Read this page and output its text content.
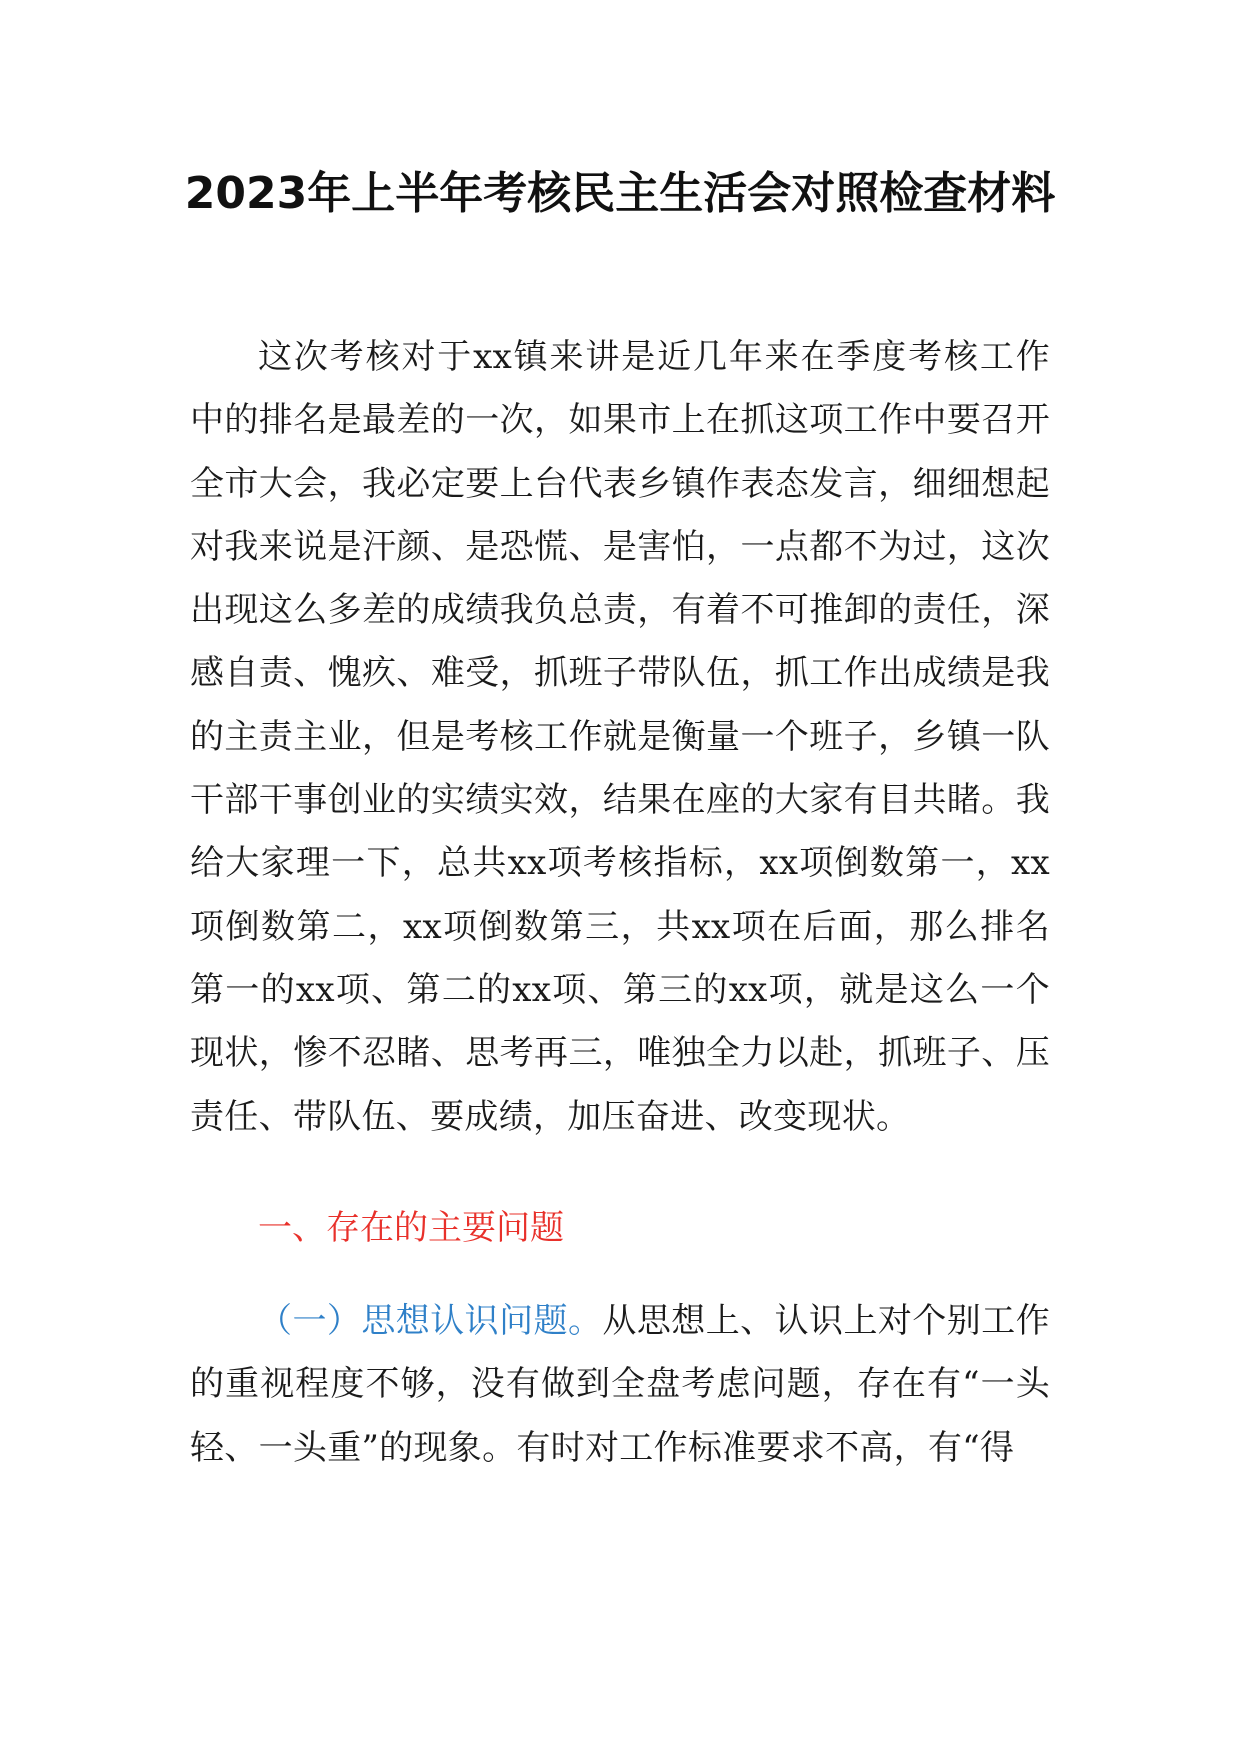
2023年上半年考核民主生活会对照检查材料

这次考核对于xx镇来讲是近几年来在季度考核工作中的排名是最差的一次，如果市上在抓这项工作中要召开全市大会，我必定要上台代表乡镇作表态发言，细细想起对我来说是汗颜、是恐慌、是害怕，一点都不为过，这次出现这么多差的成绩我负总责，有着不可推卸的责任，深感自责、愧疚、难受，抓班子带队伍，抓工作出成绩是我的主责主业，但是考核工作就是衡量一个班子，乡镇一队干部干事创业的实绩实效，结果在座的大家有目共睹。我给大家理一下，总共xx项考核指标，xx项倒数第一，xx项倒数第二，xx项倒数第三，共xx项在后面，那么排名第一的xx项、第二的xx项、第三的xx项，就是这么一个现状，惨不忍睹、思考再三，唯独全力以赴，抓班子、压责任、带队伍、要成绩，加压奋进、改变现状。

一、存在的主要问题

（一）思想认识问题。从思想上、认识上对个别工作的重视程度不够，没有做到全盘考虑问题，存在有“一头轻、一头重”的现象。有时对工作标准要求不高，有“得
